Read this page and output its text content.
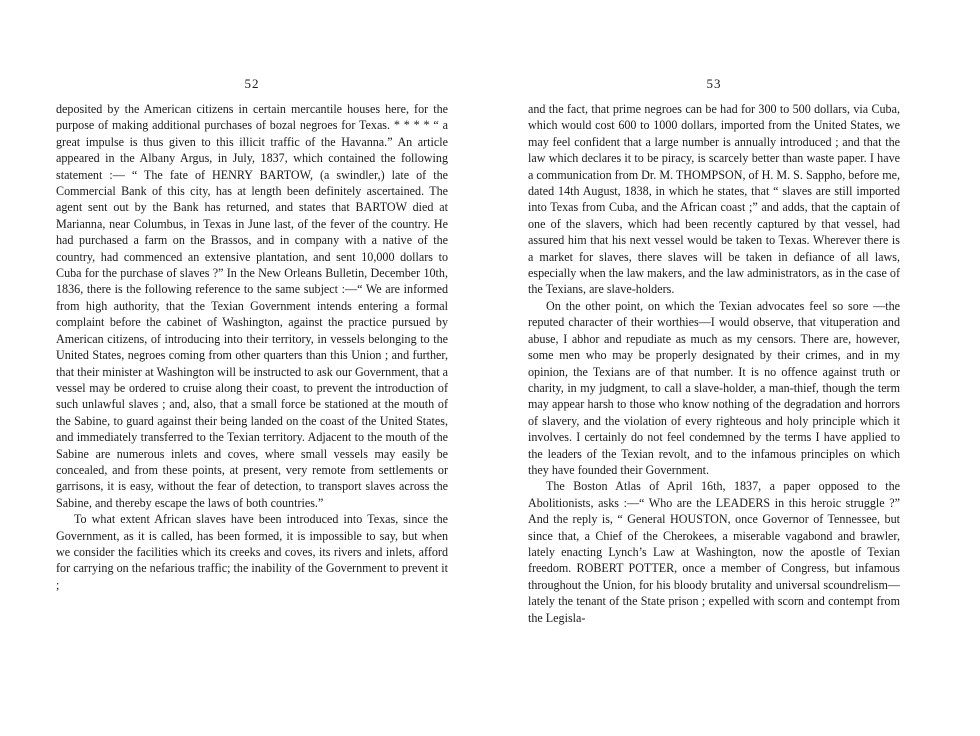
52

deposited by the American citizens in certain mercantile houses here, for the purpose of making additional purchases of bozal negroes for Texas. * * * * “ a great impulse is thus given to this illicit traffic of the Havanna.” An article appeared in the Albany Argus, in July, 1837, which contained the following statement :— “ The fate of HENRY BARTOW, (a swindler,) late of the Commercial Bank of this city, has at length been definitely ascertained. The agent sent out by the Bank has returned, and states that BARTOW died at Marianna, near Columbus, in Texas in June last, of the fever of the country. He had purchased a farm on the Brassos, and in company with a native of the country, had commenced an extensive plantation, and sent 10,000 dollars to Cuba for the purchase of slaves ?” In the New Orleans Bulletin, December 10th, 1836, there is the following reference to the same subject :—“ We are informed from high authority, that the Texian Government intends entering a formal complaint before the cabinet of Washington, against the practice pursued by American citizens, of introducing into their territory, in vessels belonging to the United States, negroes coming from other quarters than this Union ; and further, that their minister at Washington will be instructed to ask our Government, that a vessel may be ordered to cruise along their coast, to prevent the introduction of such unlawful slaves ; and, also, that a small force be stationed at the mouth of the Sabine, to guard against their being landed on the coast of the United States, and immediately transferred to the Texian territory. Adjacent to the mouth of the Sabine are numerous inlets and coves, where small vessels may easily be concealed, and from these points, at present, very remote from settlements or garrisons, it is easy, without the fear of detection, to transport slaves across the Sabine, and thereby escape the laws of both countries.”

To what extent African slaves have been introduced into Texas, since the Government, as it is called, has been formed, it is impossible to say, but when we consider the facilities which its creeks and coves, its rivers and inlets, afford for carrying on the nefarious traffic; the inability of the Government to prevent it ;

53

and the fact, that prime negroes can be had for 300 to 500 dollars, via Cuba, which would cost 600 to 1000 dollars, imported from the United States, we may feel confident that a large number is annually introduced ; and that the law which declares it to be piracy, is scarcely better than waste paper. I have a communication from Dr. M. THOMPSON, of H. M. S. Sappho, before me, dated 14th August, 1838, in which he states, that “ slaves are still imported into Texas from Cuba, and the African coast ;” and adds, that the captain of one of the slavers, which had been recently captured by that vessel, had assured him that his next vessel would be taken to Texas. Wherever there is a market for slaves, there slaves will be taken in defiance of all laws, especially when the law makers, and the law administrators, as in the case of the Texians, are slave-holders.

On the other point, on which the Texian advocates feel so sore —the reputed character of their worthies—I would observe, that vituperation and abuse, I abhor and repudiate as much as my censors. There are, however, some men who may be properly designated by their crimes, and in my opinion, the Texians are of that number. It is no offence against truth or charity, in my judgment, to call a slave-holder, a man-thief, though the term may appear harsh to those who know nothing of the degradation and horrors of slavery, and the violation of every righteous and holy principle which it involves. I certainly do not feel condemned by the terms I have applied to the leaders of the Texian revolt, and to the infamous principles on which they have founded their Government.

The Boston Atlas of April 16th, 1837, a paper opposed to the Abolitionists, asks :—“ Who are the LEADERS in this heroic struggle ?” And the reply is, “ General HOUSTON, once Governor of Tennessee, but since that, a Chief of the Cherokees, a miserable vagabond and brawler, lately enacting Lynch’s Law at Washington, now the apostle of Texian freedom. ROBERT POTTER, once a member of Congress, but infamous throughout the Union, for his bloody brutality and universal scoundrelism—lately the tenant of the State prison ; expelled with scorn and contempt from the Legisla-
